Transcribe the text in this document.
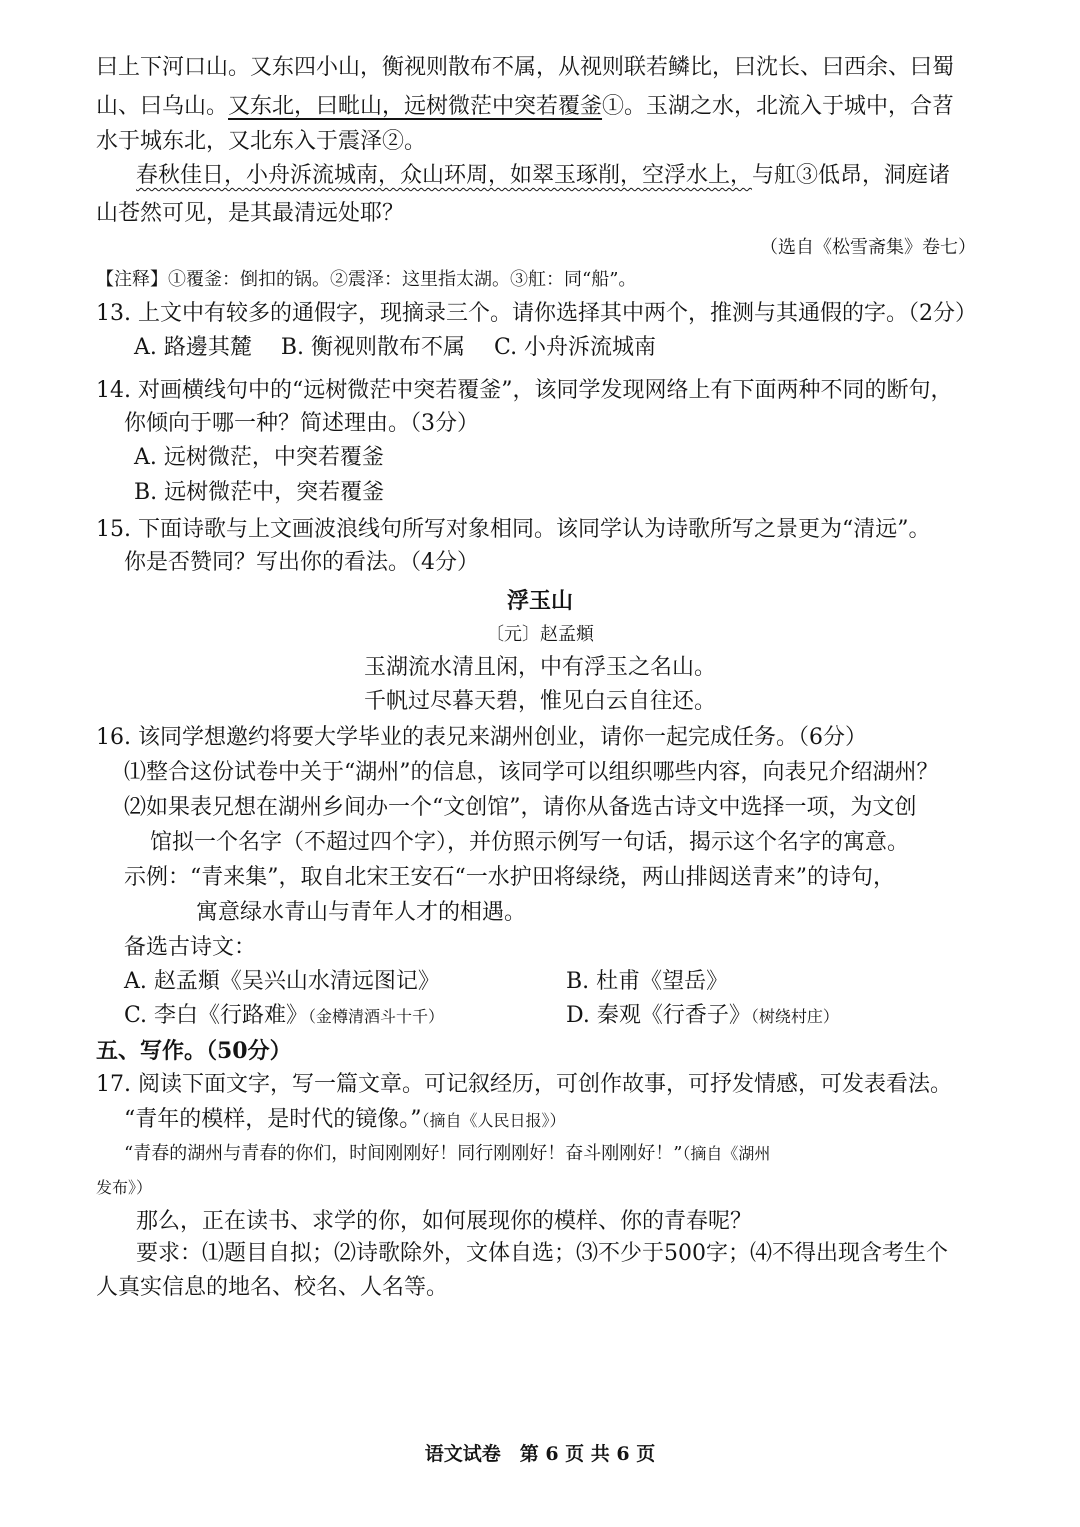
曰上下河口山。又东四小山，衡视则散布不属，从视则联若鳞比，曰沈长、曰西余、曰蜀
山、曰乌山。又东北，曰毗山，远树微茫中突若覆釜①。玉湖之水，北流入于城中，合苕
水于城东北，又北东入于震泽②。
春秋佳日，小舟泝流城南，众山环周，如翠玉琢削，空浮水上，与舡③低昂，洞庭诸
山苍然可见，是其最清远处耶？
（选自《松雪斋集》卷七）
【注释】①覆釜：倒扣的锅。②震泽：这里指太湖。③舡：同“船”。
13. 上文中有较多的通假字，现摘录三个。请你选择其中两个，推测与其通假的字。（2分）
A. 路邊其麓　 B. 衡视则散布不属　 C. 小舟泝流城南
14. 对画横线句中的“远树微茫中突若覆釜”，该同学发现网络上有下面两种不同的断句，
你倾向于哪一种？简述理由。（3分）
A. 远树微茫，中突若覆釜
B. 远树微茫中，突若覆釜
15. 下面诗歌与上文画波浪线句所写对象相同。该同学认为诗歌所写之景更为“清远”。
你是否赞同？写出你的看法。（4分）
浮玉山
〔元〕赵孟頫
玉湖流水清且闲，中有浮玉之名山。
千帆过尽暮天碧，惟见白云自往还。
16. 该同学想邀约将要大学毕业的表兄来湖州创业，请你一起完成任务。（6分）
⑴整合这份试卷中关于“湖州”的信息，该同学可以组织哪些内容，向表兄介绍湖州？
⑵如果表兄想在湖州乡间办一个“文创馆”，请你从备选古诗文中选择一项，为文创
馆拟一个名字（不超过四个字），并仿照示例写一句话，揭示这个名字的寓意。
示例：“青来集”，取自北宋王安石“一水护田将绿绕，两山排闼送青来”的诗句，
寓意绿水青山与青年人才的相遇。
备选古诗文：
A. 赵孟頫《吴兴山水清远图记》	B. 杜甫《望岳》
C. 李白《行路难》（金樽清酒斗十千）	D. 秦观《行香子》（树绕村庄）
五、写作。（50分）
17. 阅读下面文字，写一篇文章。可记叙经历，可创作故事，可抒发情感，可发表看法。
“青年的模样，是时代的镜像。”（摘自《人民日报》）
“青春的湖州与青春的你们，时间刚刚好！同行刚刚好！奋斗刚刚好！”（摘自《湖州
发布》）
那么，正在读书、求学的你，如何展现你的模样、你的青春呢？
要求：⑴题目自拟；⑵诗歌除外，文体自选；⑶不少于500字；⑷不得出现含考生个
人真实信息的地名、校名、人名等。
语文试卷　第 6 页 共 6 页
